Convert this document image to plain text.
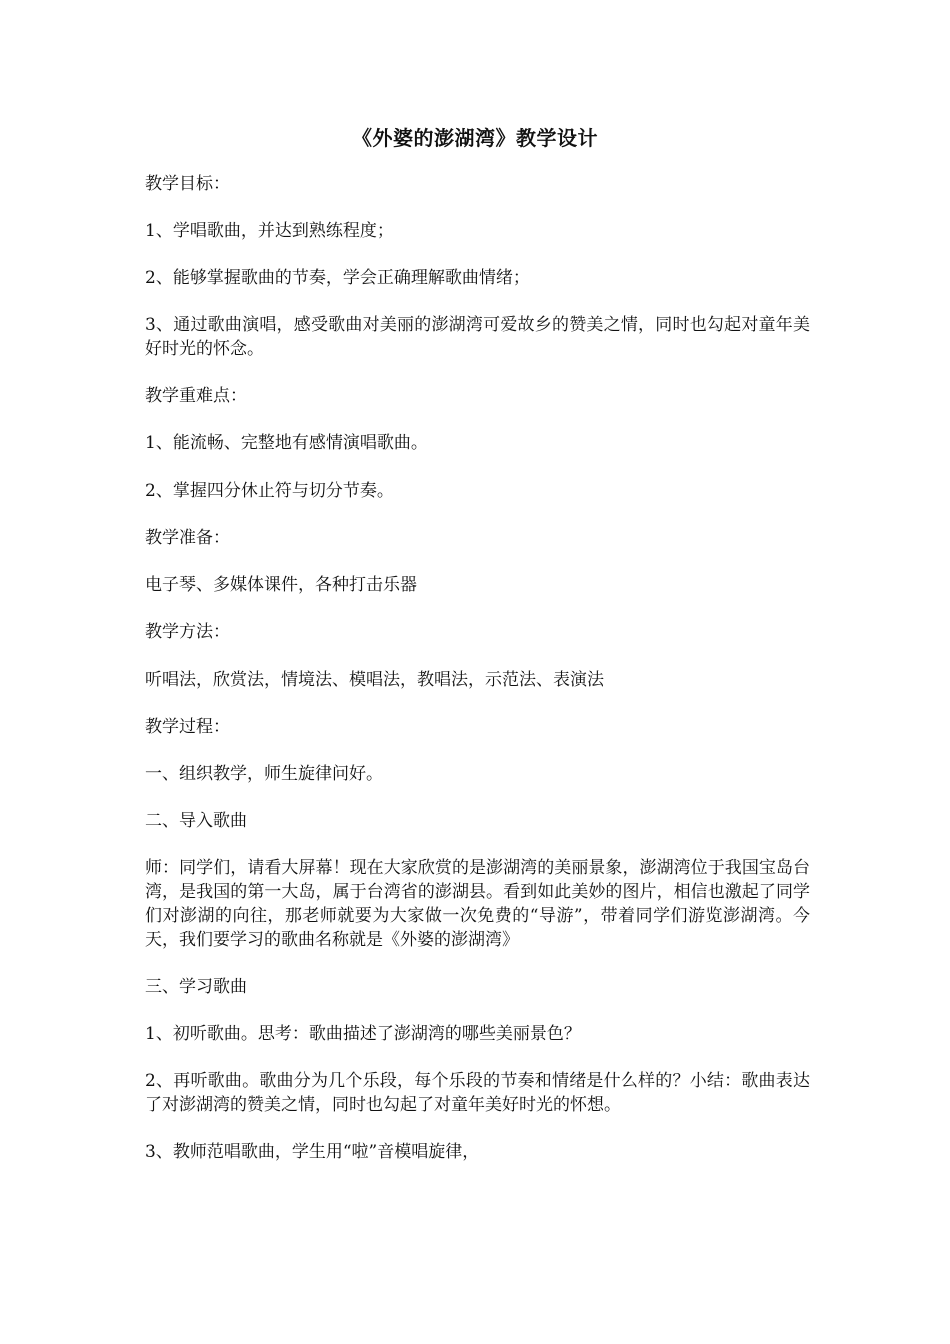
《外婆的澎湖湾》教学设计
教学目标：
1、学唱歌曲，并达到熟练程度；
2、能够掌握歌曲的节奏，学会正确理解歌曲情绪；
3、通过歌曲演唱，感受歌曲对美丽的澎湖湾可爱故乡的赞美之情，同时也勾起对童年美好时光的怀念。
教学重难点：
1、能流畅、完整地有感情演唱歌曲。
2、掌握四分休止符与切分节奏。
教学准备：
电子琴、多媒体课件，各种打击乐器
教学方法：
听唱法，欣赏法，情境法、模唱法，教唱法，示范法、表演法
教学过程：
一、组织教学，师生旋律问好。
二、导入歌曲
师：同学们，请看大屏幕！现在大家欣赏的是澎湖湾的美丽景象，澎湖湾位于我国宝岛台湾，是我国的第一大岛，属于台湾省的澎湖县。看到如此美妙的图片，相信也激起了同学们对澎湖的向往，那老师就要为大家做一次免费的“导游”，带着同学们游览澎湖湾。今天，我们要学习的歌曲名称就是《外婆的澎湖湾》
三、学习歌曲
1、初听歌曲。思考：歌曲描述了澎湖湾的哪些美丽景色？
2、再听歌曲。歌曲分为几个乐段，每个乐段的节奏和情绪是什么样的？小结：歌曲表达了对澎湖湾的赞美之情，同时也勾起了对童年美好时光的怀想。
3、教师范唱歌曲，学生用“啦”音模唱旋律，
